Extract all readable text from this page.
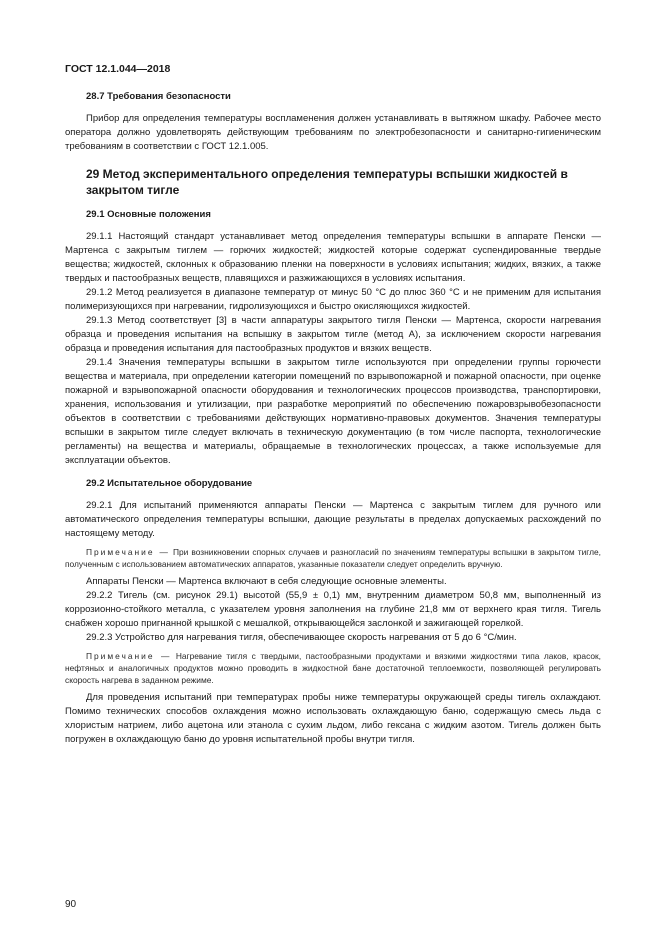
ГОСТ 12.1.044—2018
28.7 Требования безопасности

Прибор для определения температуры воспламенения должен устанавливать в вытяжном шкафу. Рабочее место оператора должно удовлетворять действующим требованиям по электробезопасности и санитарно-гигиеническим требованиям в соответствии с ГОСТ 12.1.005.

29 Метод экспериментального определения температуры вспышки жидкостей в закрытом тигле
29.1 Основные положения

29.1.1 Настоящий стандарт устанавливает метод определения температуры вспышки в аппарате Пенски — Мартенса с закрытым тиглем — горючих жидкостей; жидкостей которые содержат суспендированные твердые вещества; жидкостей, склонных к образованию пленки на поверхности в условиях испытания; жидких, вязких, а также твердых и пастообразных веществ, плавящихся и разжижающихся в условиях испытания.

29.1.2 Метод реализуется в диапазоне температур от минус 50 °С до плюс 360 °С и не применим для испытания полимеризующихся при нагревании, гидролизующихся и быстро окисляющихся жидкостей.

29.1.3 Метод соответствует [3] в части аппаратуры закрытого тигля Пенски — Мартенса, скорости нагревания образца и проведения испытания на вспышку в закрытом тигле (метод А), за исключением скорости нагревания образца и проведения испытания для пастообразных продуктов и вязких веществ.

29.1.4 Значения температуры вспышки в закрытом тигле используются при определении группы горючести вещества и материала, при определении категории помещений по взрывопожарной и пожарной опасности, при оценке пожарной и взрывопожарной опасности оборудования и технологических процессов производства, транспортировки, хранения, использования и утилизации, при разработке мероприятий по обеспечению пожаровзрывобезопасности объектов в соответствии с требованиями действующих нормативно-правовых документов. Значения температуры вспышки в закрытом тигле следует включать в техническую документацию (в том числе паспорта, технологические регламенты) на вещества и материалы, обращаемые в технологических процессах, а также используемые для эксплуатации объектов.

29.2 Испытательное оборудование

29.2.1 Для испытаний применяются аппараты Пенски — Мартенса с закрытым тиглем для ручного или автоматического определения температуры вспышки, дающие результаты в пределах допускаемых расхождений по настоящему методу.

Примечание — При возникновении спорных случаев и разногласий по значениям температуры вспышки в закрытом тигле, полученным с использованием автоматических аппаратов, указанные показатели следует определить вручную.

Аппараты Пенски — Мартенса включают в себя следующие основные элементы.

29.2.2 Тигель (см. рисунок 29.1) высотой (55,9 ± 0,1) мм, внутренним диаметром 50,8 мм, выполненный из коррозионно-стойкого металла, с указателем уровня заполнения на глубине 21,8 мм от верхнего края тигля. Тигель снабжен хорошо пригнанной крышкой с мешалкой, открывающейся заслонкой и зажигающей горелкой.

29.2.3 Устройство для нагревания тигля, обеспечивающее скорость нагревания от 5 до 6 °С/мин.

Примечание — Нагревание тигля с твердыми, пастообразными продуктами и вязкими жидкостями типа лаков, красок, нефтяных и аналогичных продуктов можно проводить в жидкостной бане достаточной теплоемкости, позволяющей регулировать скорость нагрева в заданном режиме.

Для проведения испытаний при температурах пробы ниже температуры окружающей среды тигель охлаждают. Помимо технических способов охлаждения можно использовать охлаждающую баню, содержащую смесь льда с хлористым натрием, либо ацетона или этанола с сухим льдом, либо гексана с жидким азотом. Тигель должен быть погружен в охлаждающую баню до уровня испытательной пробы внутри тигля.

90
